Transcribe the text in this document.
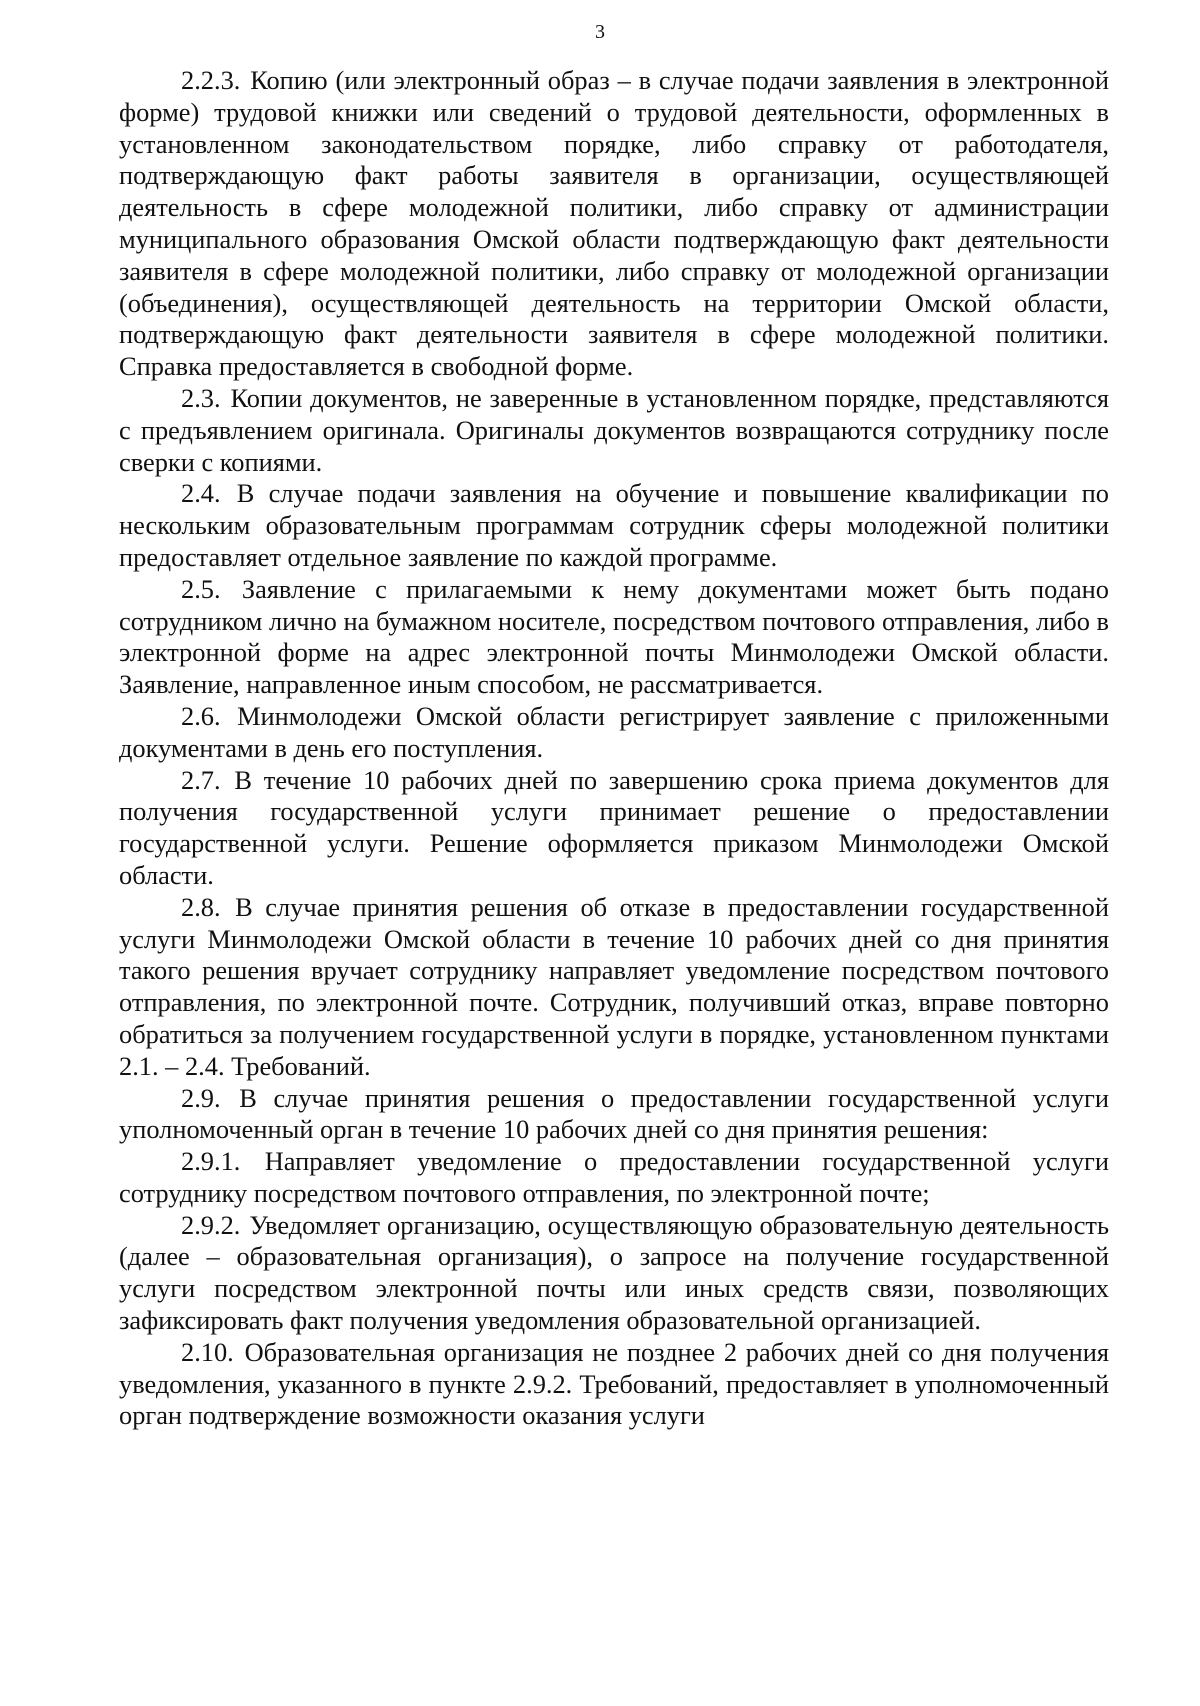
3

2.2.3. Копию (или электронный образ – в случае подачи заявления в электронной форме) трудовой книжки или сведений о трудовой деятельности, оформленных в установленном законодательством порядке, либо справку от работодателя, подтверждающую факт работы заявителя в организации, осуществляющей деятельность в сфере молодежной политики, либо справку от администрации муниципального образования Омской области подтверждающую факт деятельности заявителя в сфере молодежной политики, либо справку от молодежной организации (объединения), осуществляющей деятельность на территории Омской области, подтверждающую факт деятельности заявителя в сфере молодежной политики. Справка предоставляется в свободной форме.

2.3. Копии документов, не заверенные в установленном порядке, представляются с предъявлением оригинала. Оригиналы документов возвращаются сотруднику после сверки с копиями.

2.4. В случае подачи заявления на обучение и повышение квалификации по нескольким образовательным программам сотрудник сферы молодежной политики предоставляет отдельное заявление по каждой программе.

2.5. Заявление с прилагаемыми к нему документами может быть подано сотрудником лично на бумажном носителе, посредством почтового отправления, либо в электронной форме на адрес электронной почты Минмолодежи Омской области. Заявление, направленное иным способом, не рассматривается.

2.6. Минмолодежи Омской области регистрирует заявление с приложенными документами в день его поступления.

2.7. В течение 10 рабочих дней по завершению срока приема документов для получения государственной услуги принимает решение о предоставлении государственной услуги. Решение оформляется приказом Минмолодежи Омской области.

2.8. В случае принятия решения об отказе в предоставлении государственной услуги Минмолодежи Омской области в течение 10 рабочих дней со дня принятия такого решения вручает сотруднику направляет уведомление посредством почтового отправления, по электронной почте. Сотрудник, получивший отказ, вправе повторно обратиться за получением государственной услуги в порядке, установленном пунктами 2.1. – 2.4. Требований.

2.9. В случае принятия решения о предоставлении государственной услуги уполномоченный орган в течение 10 рабочих дней со дня принятия решения:

2.9.1. Направляет уведомление о предоставлении государственной услуги сотруднику посредством почтового отправления, по электронной почте;

2.9.2. Уведомляет организацию, осуществляющую образовательную деятельность (далее – образовательная организация), о запросе на получение государственной услуги посредством электронной почты или иных средств связи, позволяющих зафиксировать факт получения уведомления образовательной организацией.

2.10. Образовательная организация не позднее 2 рабочих дней со дня получения уведомления, указанного в пункте 2.9.2. Требований, предоставляет в уполномоченный орган подтверждение возможности оказания услуги
